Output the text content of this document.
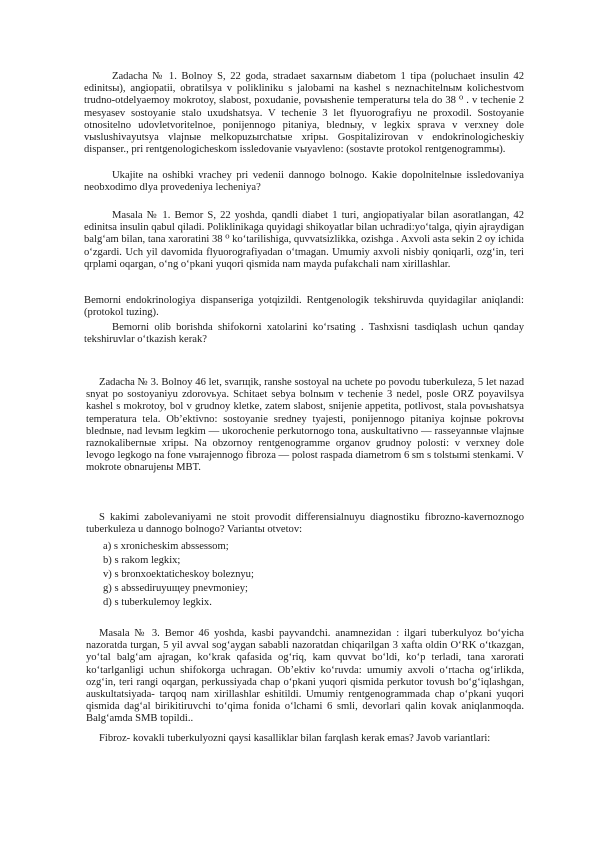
Zadacha № 1. Bolnoy S, 22 goda, stradaet saxarnым diabetom 1 tipa (poluchaet insulin 42 edinitsы), angiopatii, obratilsya v polikliniku s jalobami na kashel s neznachitelnым kolichestvom trudno-otdelyaemoy mokrotoy, slabost, poxudanie, povыshenie temperaturы tela do 38 ⁰ . v techenie 2 mesyasev sostoyanie stalo uxudshatsya. V techenie 3 let flyuorografiyu ne proxodil. Sostoyanie otnositelno udovletvoritelnoe, ponijennogo pitaniya, blednыy, v legkix sprava v verxney dole vыslushivayutsya vlajnыe melkopuzыrchatыe xripы. Gospitalizirovan v endokrinologicheskiy dispanser., pri rentgenologicheskom issledovanie vыyavleno: (sostavte protokol rentgenogrammы).

Ukajite na oshibki vrachey pri vedenii dannogo bolnogo. Kakie dopolnitelnыe issledovaniya neobxodimo dlya provedeniya lecheniya?

Masala № 1. Bemor S, 22 yoshda, qandli diabet 1 turi, angiopatiyalar bilan asoratlangan, 42 edinitsa insulin qabul qiladi. Poliklinikaga quyidagi shikoyatlar bilan uchradi:yo‘talga, qiyin ajraydigan balg‘am bilan, tana xaroratini 38 ⁰ ko‘tarilishiga, quvvatsizlikka, ozishga . Axvoli asta sekin 2 oy ichida o‘zgardi. Uch yil davomida flyuorografiyadan o‘tmagan. Umumiy axvoli nisbiy qoniqarli, ozg‘in, teri qrplami oqargan, o‘ng o‘pkani yuqori qismida nam mayda pufakchali nam xirillashlar.

Bemorni endokrinologiya dispanseriga yotqizildi. Rentgenologik tekshiruvda quyidagilar aniqlandi: (protokol tuzing).

Bemorni olib borishda shifokorni xatolarini ko‘rsating . Tashxisni tasdiqlash uchun qanday tekshiruvlar o‘tkazish kerak?

Zadacha № 3. Bolnoy 46 let, svarщik, ranshe sostoyal na uchete po povodu tuberkuleza, 5 let nazad snyat po sostoyaniyu zdorovьya. Schitaet sebya bolnыm v techenie 3 nedel, posle ORZ poyavilsya kashel s mokrotoy, bol v grudnoy kletke, zatem slabost, snijenie appetita, potlivost, stala povыshatsya temperatura tela. Ob’ektivno: sostoyanie sredney tyajesti, ponijennogo pitaniya kojnыe pokrovы blednыe, nad levыm legkim — ukorochenie perkutornogo tona, auskultativno — rasseyannыe vlajnыe raznokalibernыe xripы. Na obzornoy rentgenogramme organov grudnoy polosti: v verxney dole levogo legkogo na fone vыrajennogo fibroza — polost raspada diametrom 6 sm s tolstыmi stenkami. V mokrote obnarujenы MBT.

S kakimi zabolevaniyami ne stoit provodit differensialnuyu diagnostiku fibrozno-kavernoznogo tuberkuleza u dannogo bolnogo? Variantы otvetov:

a) s xronicheskim abssessom;

b) s rakom legkix;

v) s bronxoektaticheskoy boleznyu;

g) s abssediruyuщey pnevmoniey;

d) s tuberkulemoy legkix.

Masala № 3. Bemor 46 yoshda, kasbi payvandchi. anamnezidan : ilgari tuberkulyoz bo‘yicha nazoratda turgan, 5 yil avval sog‘aygan sababli nazoratdan chiqarilgan 3 xafta oldin O‘RK o‘tkazgan, yo‘tal balg‘am ajragan, ko‘krak qafasida og‘riq, kam quvvat bo‘ldi, ko‘p terladi, tana xarorati ko‘tarlganligi uchun shifokorga uchragan. Ob’ektiv ko‘ruvda: umumiy axvoli o‘rtacha og‘irlikda, ozg‘in, teri rangi oqargan, perkussiyada chap o‘pkani yuqori qismida perkutor tovush bo‘g‘iqlashgan, auskultatsiyada- tarqoq nam xirillashlar eshitildi. Umumiy rentgenogrammada chap o‘pkani yuqori qismida dag‘al birikitiruvchi to‘qima fonida o‘lchami 6 smli, devorlari qalin kovak aniqlanmoqda. Balg‘amda SMB topildi..

Fibroz- kovakli tuberkulyozni qaysi kasalliklar bilan farqlash kerak emas? Javob variantlari:
